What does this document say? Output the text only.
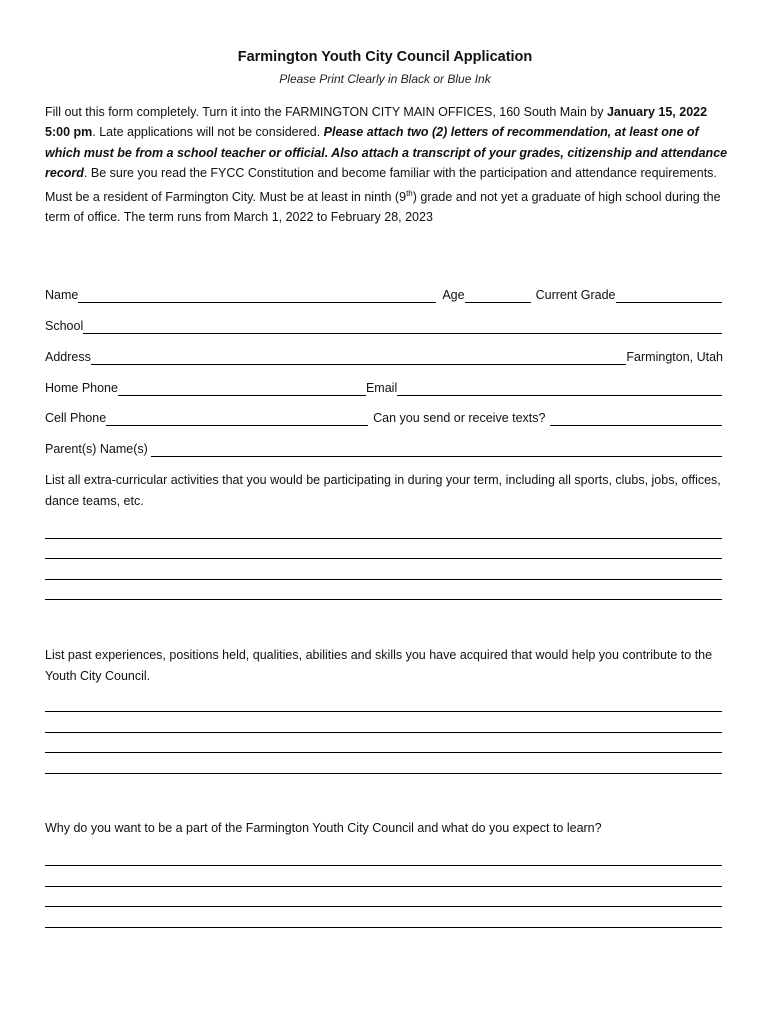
Farmington Youth City Council Application
Please Print Clearly in Black or Blue Ink
Fill out this form completely. Turn it into the FARMINGTON CITY MAIN OFFICES, 160 South Main by January 15, 2022 5:00 pm. Late applications will not be considered. Please attach two (2) letters of recommendation, at least one of which must be from a school teacher or official. Also attach a transcript of your grades, citizenship and attendance record. Be sure you read the FYCC Constitution and become familiar with the participation and attendance requirements. Must be a resident of Farmington City. Must be at least in ninth (9th) grade and not yet a graduate of high school during the term of office. The term runs from March 1, 2022 to February 28, 2023
Name	Age	Current Grade
School
Address	Farmington, Utah
Home Phone	Email
Cell Phone	Can you send or receive texts?
Parent(s) Name(s)
List all extra-curricular activities that you would be participating in during your term, including all sports, clubs, jobs, offices, dance teams, etc.
List past experiences, positions held, qualities, abilities and skills you have acquired that would help you contribute to the Youth City Council.
Why do you want to be a part of the Farmington Youth City Council and what do you expect to learn?
